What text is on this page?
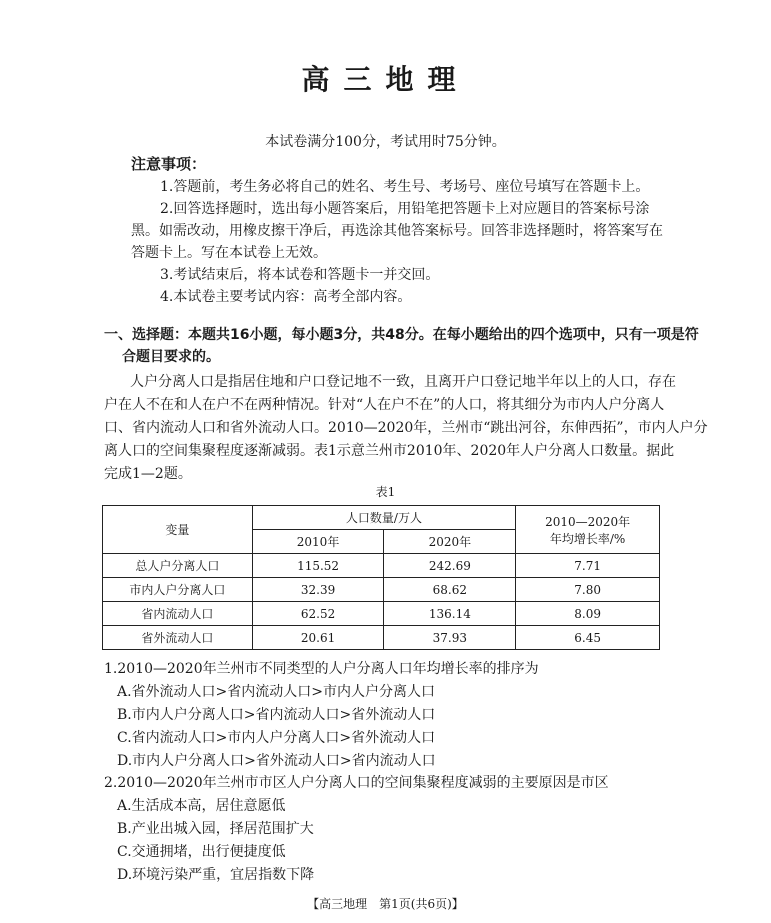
高三地理
本试卷满分100分，考试用时75分钟。
注意事项：
1.答题前，考生务必将自己的姓名、考生号、考场号、座位号填写在答题卡上。
2.回答选择题时，选出每小题答案后，用铅笔把答题卡上对应题目的答案标号涂
黑。如需改动，用橡皮擦干净后，再选涂其他答案标号。回答非选择题时，将答案写在
答题卡上。写在本试卷上无效。
3.考试结束后，将本试卷和答题卡一并交回。
4.本试卷主要考试内容：高考全部内容。
一、选择题：本题共16小题，每小题3分，共48分。在每小题给出的四个选项中，只有一项是符
合题目要求的。
人户分离人口是指居住地和户口登记地不一致，且离开户口登记地半年以上的人口，存在
户在人不在和人在户不在两种情况。针对“人在户不在”的人口，将其细分为市内人户分离人
口、省内流动人口和省外流动人口。2010—2020年，兰州市“跳出河谷，东伸西拓”，市内人户分
离人口的空间集聚程度逐渐减弱。表1示意兰州市2010年、2020年人户分离人口数量。据此
完成1—2题。
表1
变量	人口数量/万人		2010—2020年
年均增长率/%

	2010年	2020年	
总人户分离人口	115.52	242.69	7.71
市内人户分离人口	32.39	68.62	7.80
省内流动人口	62.52	136.14	8.09
省外流动人口	20.61	37.93	6.45
1.2010—2020年兰州市不同类型的人户分离人口年均增长率的排序为
A.省外流动人口>省内流动人口>市内人户分离人口
B.市内人户分离人口>省内流动人口>省外流动人口
C.省内流动人口>市内人户分离人口>省外流动人口
D.市内人户分离人口>省外流动人口>省内流动人口
2.2010—2020年兰州市市区人户分离人口的空间集聚程度减弱的主要原因是市区
A.生活成本高，居住意愿低
B.产业出城入园，择居范围扩大
C.交通拥堵，出行便捷度低
D.环境污染严重，宜居指数下降
【高三地理　第1页(共6页)】
